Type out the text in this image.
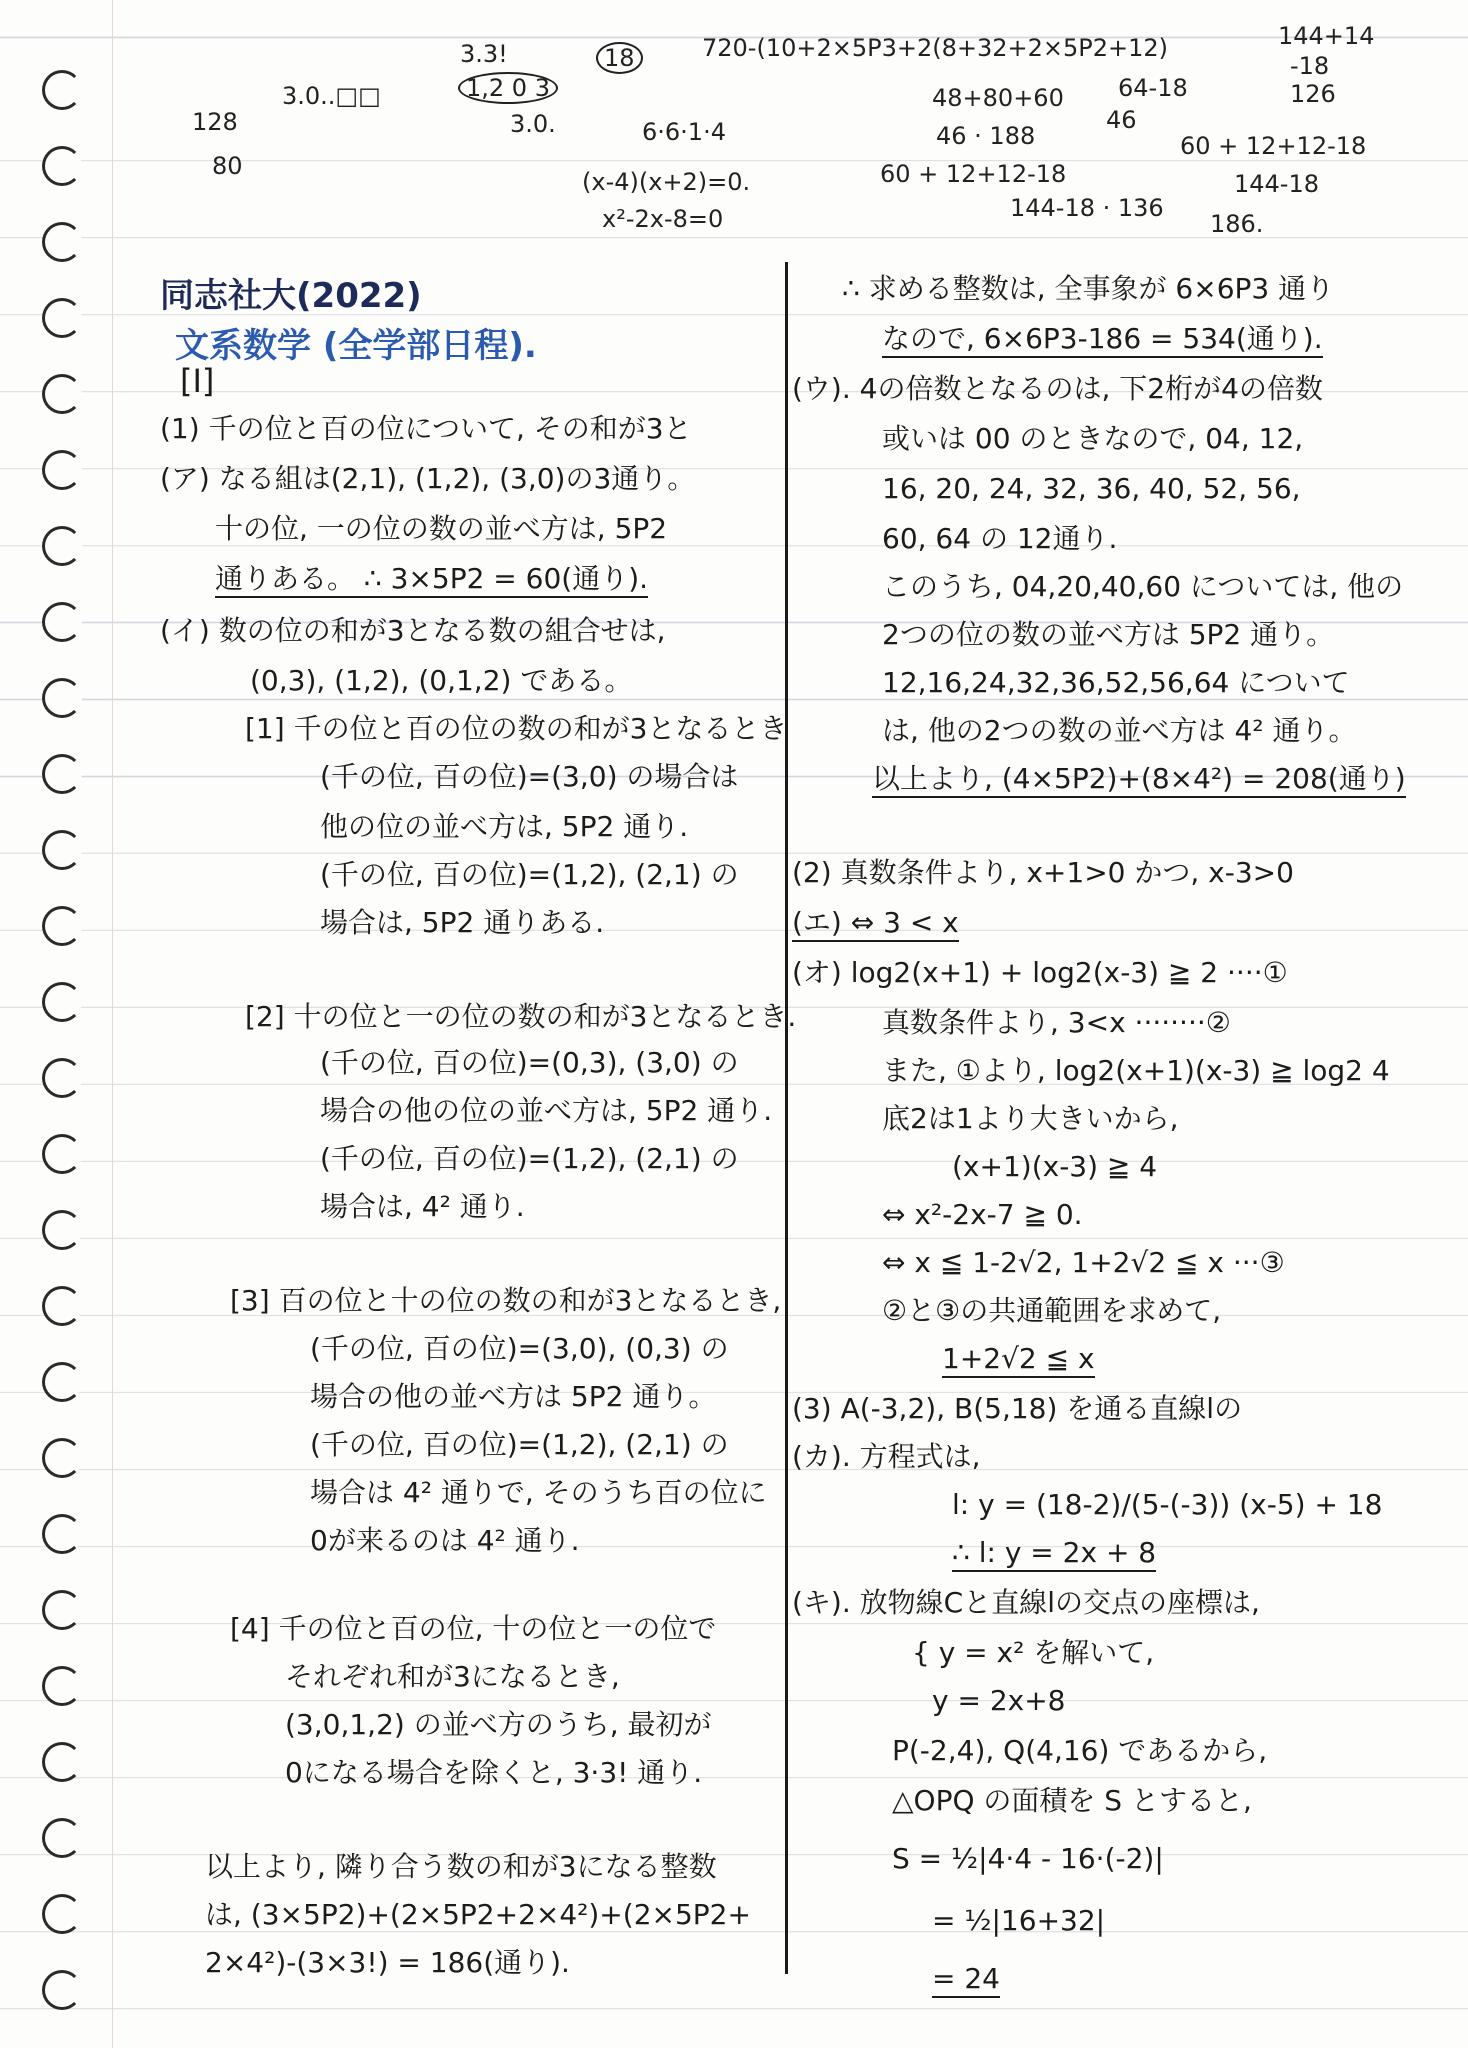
128
80
3.0..□□
3.3!
3.0.	6·6·1·4
(x-4)(x+2)=0.
x²-2x-8=0
720-(10+2×5P3+2(8+32+2×5P2+12)
48+80+60 64-18
46 · 188
46
60 + 12+12-18
144-18 · 136
186.
144+14
-18
126
60 + 12+12-18
144-18
1,2 0 3
18
同志社大(2022)
文系数学 (全学部日程).
[I]
(1) 千の位と百の位について, その和が3と
(ア) なる組は(2,1), (1,2), (3,0)の3通り。
十の位, 一の位の数の並べ方は, 5P2
通りある。 ∴ 3×5P2 = 60(通り).
(イ) 数の位の和が3となる数の組合せは,
(0,3), (1,2), (0,1,2) である。
[1] 千の位と百の位の数の和が3となるとき
(千の位, 百の位)=(3,0) の場合は
他の位の並べ方は, 5P2 通り.
(千の位, 百の位)=(1,2), (2,1) の
場合は, 5P2 通りある.
[2] 十の位と一の位の数の和が3となるとき.
(千の位, 百の位)=(0,3), (3,0) の
場合の他の位の並べ方は, 5P2 通り.
(千の位, 百の位)=(1,2), (2,1) の
場合は, 4² 通り.
[3] 百の位と十の位の数の和が3となるとき,
(千の位, 百の位)=(3,0), (0,3) の
場合の他の並べ方は 5P2 通り。
(千の位, 百の位)=(1,2), (2,1) の
場合は 4² 通りで, そのうち百の位に
0が来るのは 4² 通り.
[4] 千の位と百の位, 十の位と一の位で
それぞれ和が3になるとき,
(3,0,1,2) の並べ方のうち, 最初が
0になる場合を除くと, 3·3! 通り.
以上より, 隣り合う数の和が3になる整数
は, (3×5P2)+(2×5P2+2×4²)+(2×5P2+
2×4²)-(3×3!) = 186(通り).
∴ 求める整数は, 全事象が 6×6P3 通り
なので, 6×6P3-186 = 534(通り).
(ウ). 4の倍数となるのは, 下2桁が4の倍数
或いは 00 のときなので, 04, 12,
16, 20, 24, 32, 36, 40, 52, 56,
60, 64 の 12通り.
このうち, 04,20,40,60 については, 他の
2つの位の数の並べ方は 5P2 通り。
12,16,24,32,36,52,56,64 について
は, 他の2つの数の並べ方は 4² 通り。
以上より, (4×5P2)+(8×4²) = 208(通り)
(2) 真数条件より, x+1>0 かつ, x-3>0
(エ) ⇔ 3 < x
(オ) log2(x+1) + log2(x-3) ≧ 2 ····①
真数条件より, 3<x ········②
また, ①より, log2(x+1)(x-3) ≧ log2 4
底2は1より大きいから,
(x+1)(x-3) ≧ 4
⇔ x²-2x-7 ≧ 0.
⇔ x ≦ 1-2√2, 1+2√2 ≦ x ···③
②と③の共通範囲を求めて,
1+2√2 ≦ x
(3) A(-3,2), B(5,18) を通る直線lの
(カ). 方程式は,
l: y = (18-2)/(5-(-3)) (x-5) + 18
∴ l: y = 2x + 8
(キ). 放物線Cと直線lの交点の座標は,
{ y = x² を解いて,
y = 2x+8
P(-2,4), Q(4,16) であるから,
△OPQ の面積を S とすると,
S = ½|4·4 - 16·(-2)|
= ½|16+32|
= 24
